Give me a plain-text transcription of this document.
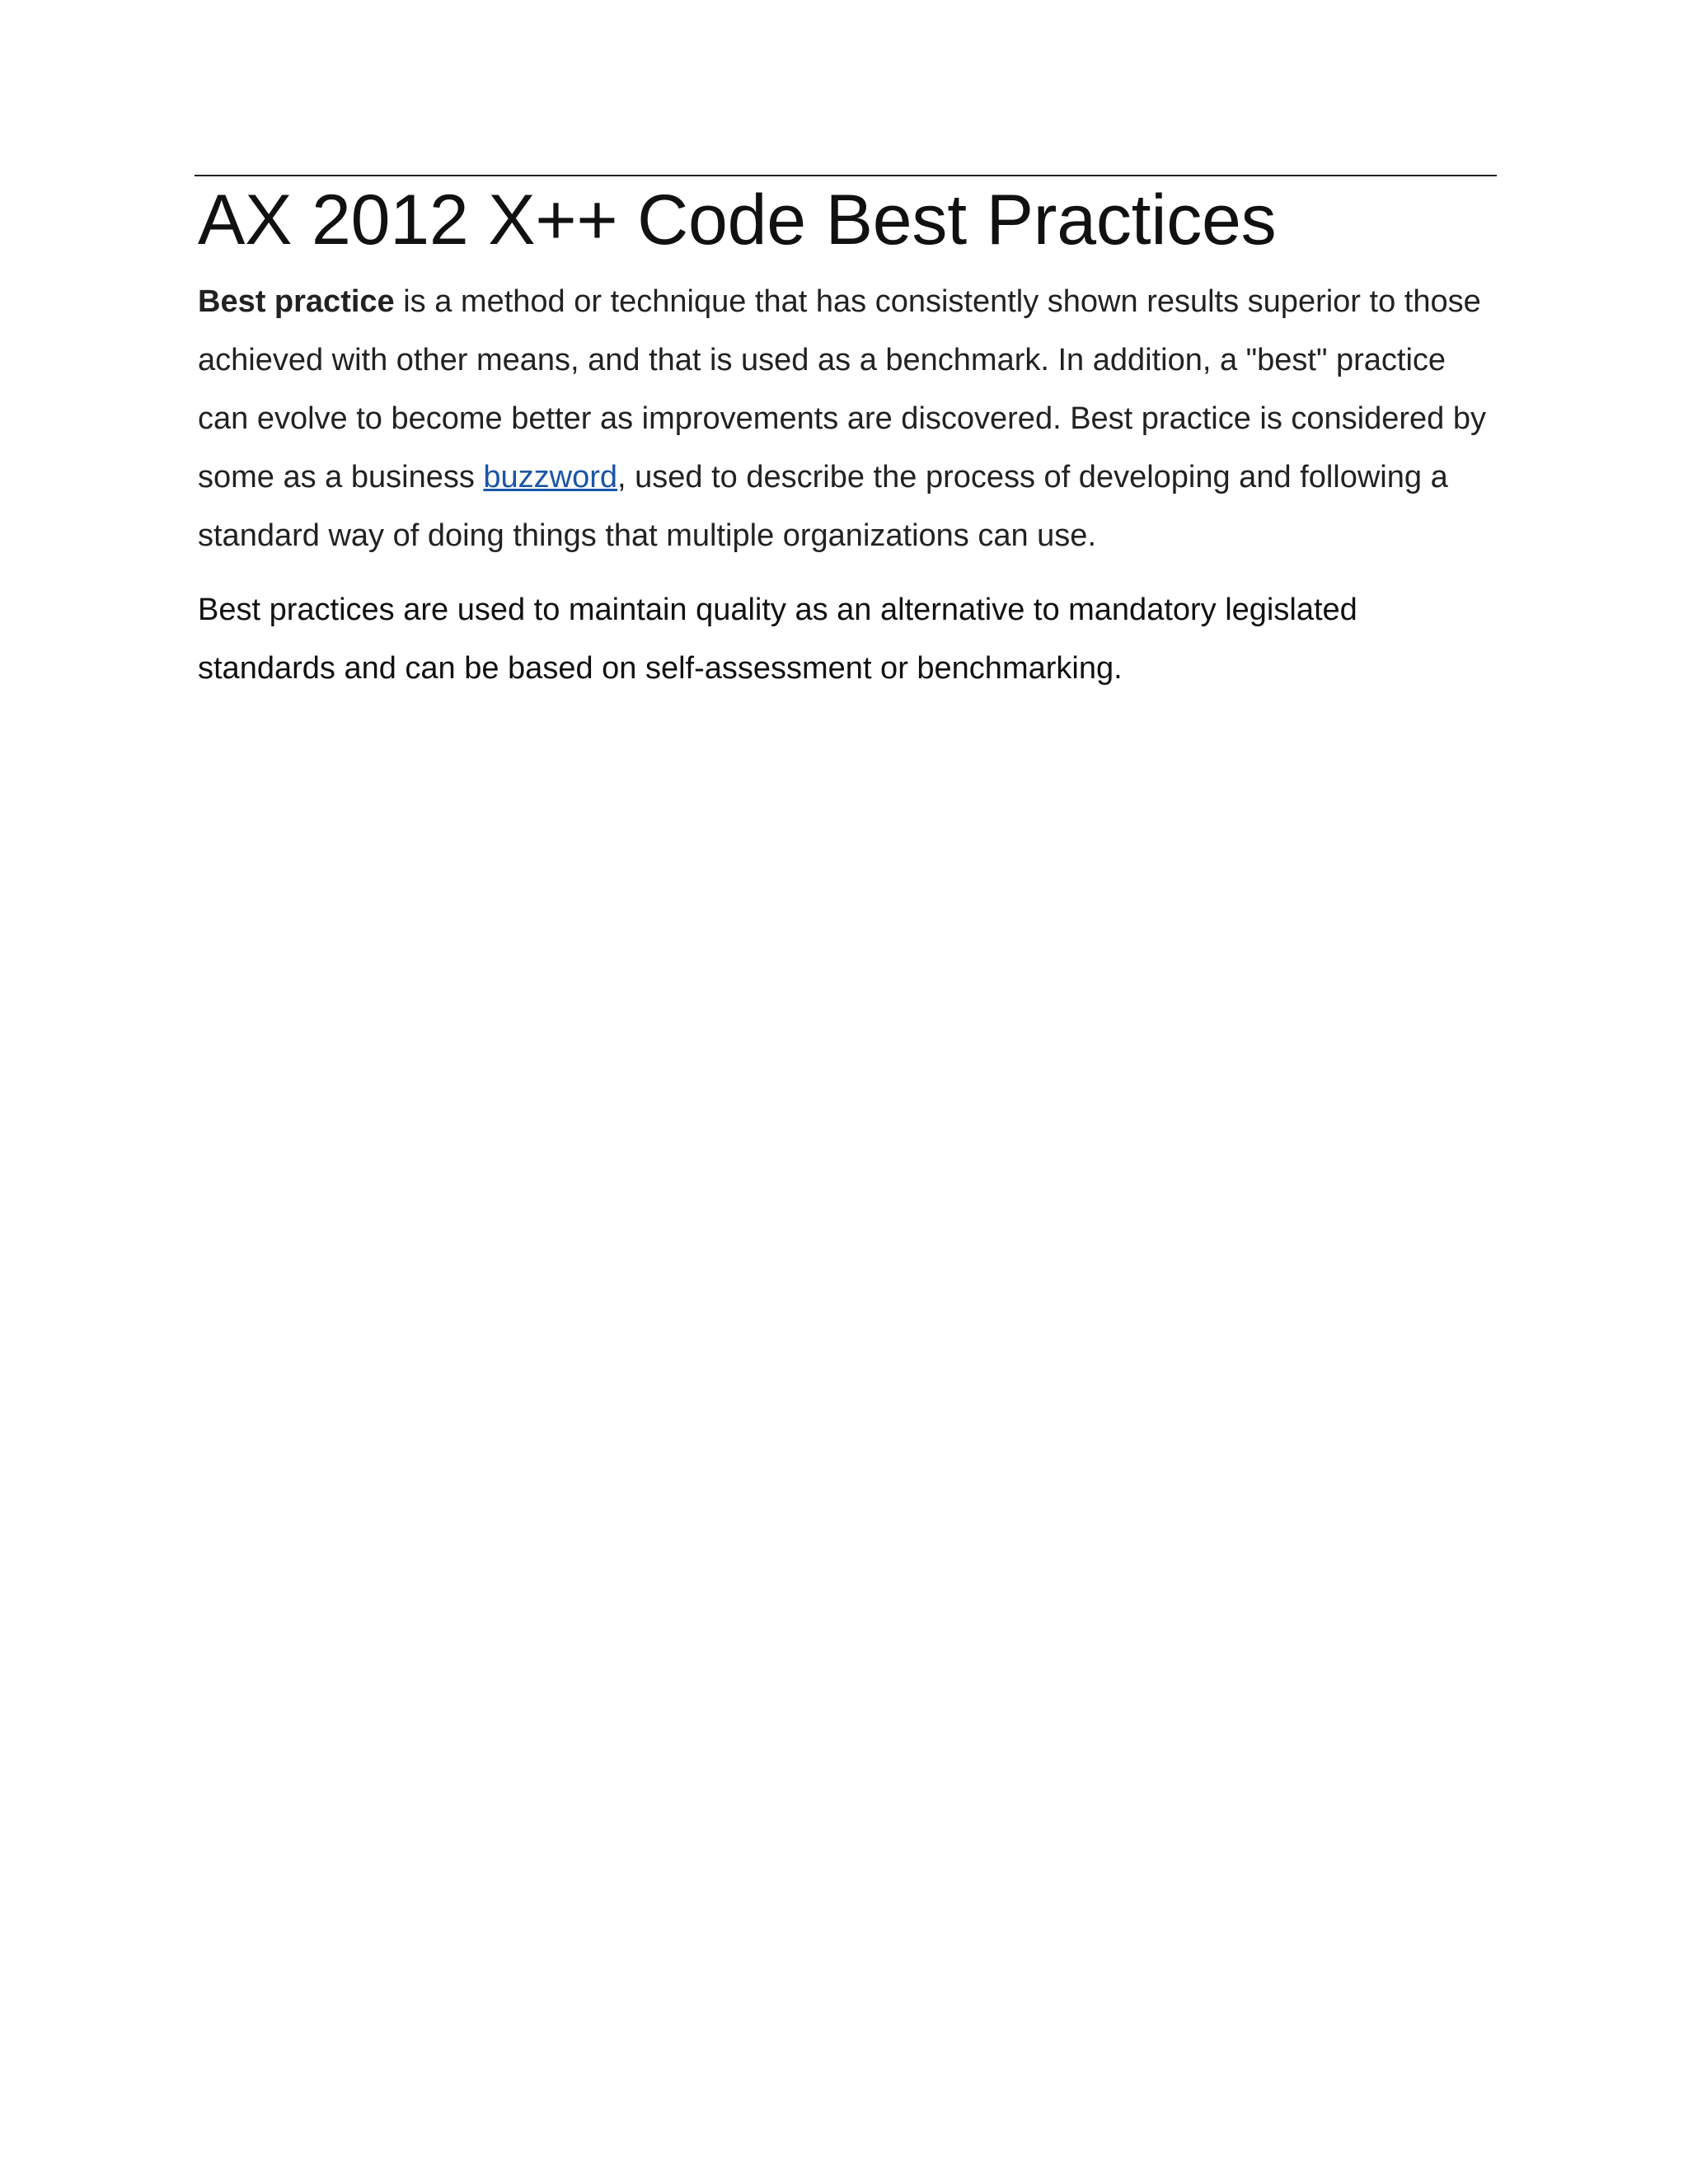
AX 2012 X++ Code Best Practices

Best practice is a method or technique that has consistently shown results superior to those achieved with other means, and that is used as a benchmark. In addition, a "best" practice can evolve to become better as improvements are discovered. Best practice is considered by some as a business buzzword, used to describe the process of developing and following a standard way of doing things that multiple organizations can use.

Best practices are used to maintain quality as an alternative to mandatory legislated standards and can be based on self-assessment or benchmarking.
